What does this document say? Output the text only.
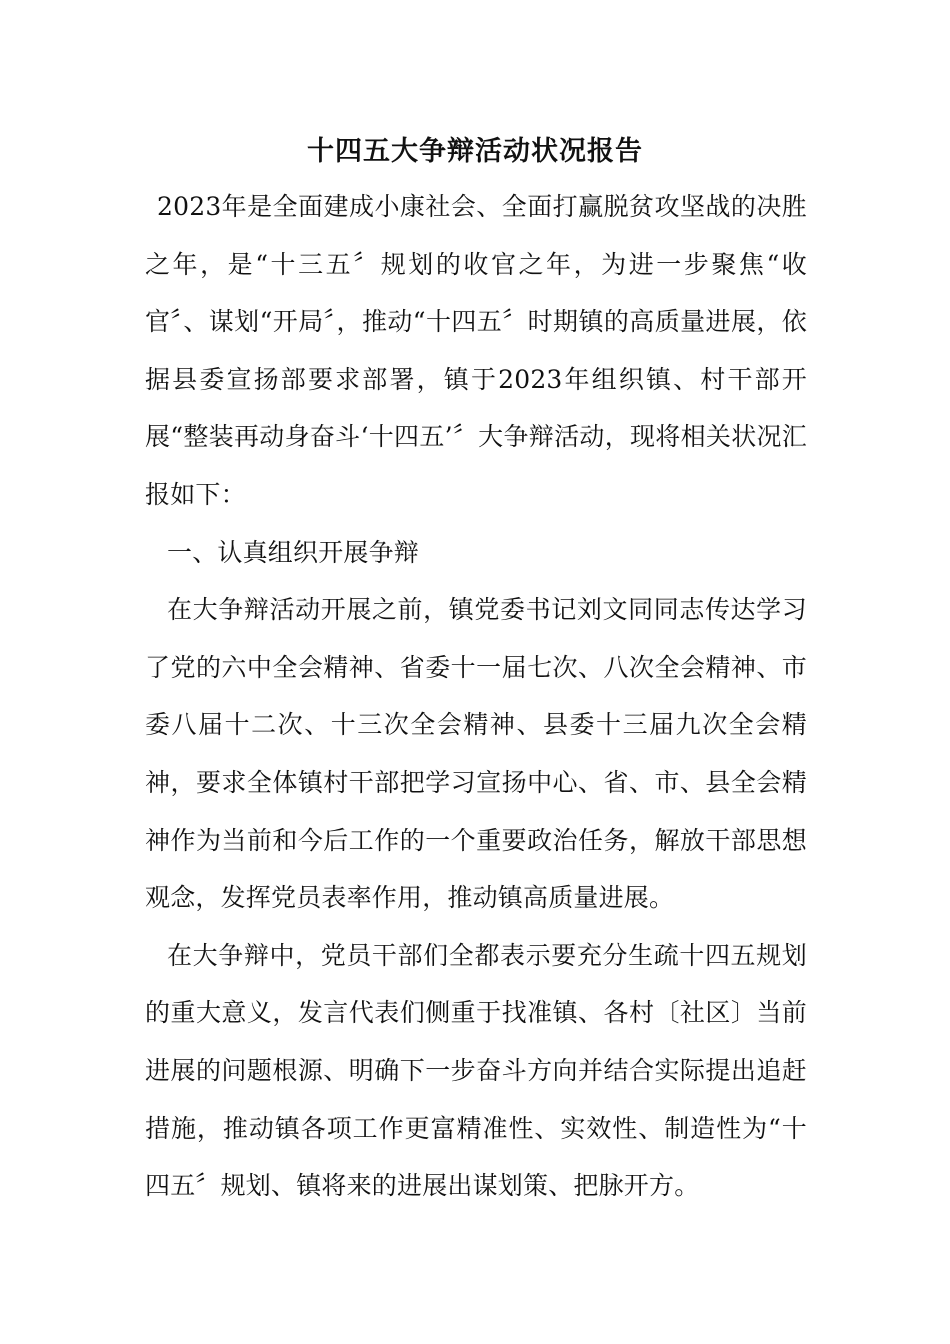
十四五大争辩活动状况报告

2023年是全面建成小康社会、全面打赢脱贫攻坚战的决胜之年，是“十三五〞规划的收官之年，为进一步聚焦“收官〞、谋划“开局〞，推动“十四五〞时期镇的高质量进展，依据县委宣扬部要求部署，镇于2023年组织镇、村干部开展“整装再动身奋斗‘十四五’〞大争辩活动，现将相关状况汇报如下：

一、认真组织开展争辩

在大争辩活动开展之前，镇党委书记刘文同同志传达学习了党的六中全会精神、省委十一届七次、八次全会精神、市委八届十二次、十三次全会精神、县委十三届九次全会精神，要求全体镇村干部把学习宣扬中心、省、市、县全会精神作为当前和今后工作的一个重要政治任务，解放干部思想观念，发挥党员表率作用，推动镇高质量进展。

在大争辩中，党员干部们全都表示要充分生疏十四五规划的重大意义，发言代表们侧重于找准镇、各村〔社区〕当前进展的问题根源、明确下一步奋斗方向并结合实际提出追赶措施，推动镇各项工作更富精准性、实效性、制造性为“十四五〞规划、镇将来的进展出谋划策、把脉开方。
